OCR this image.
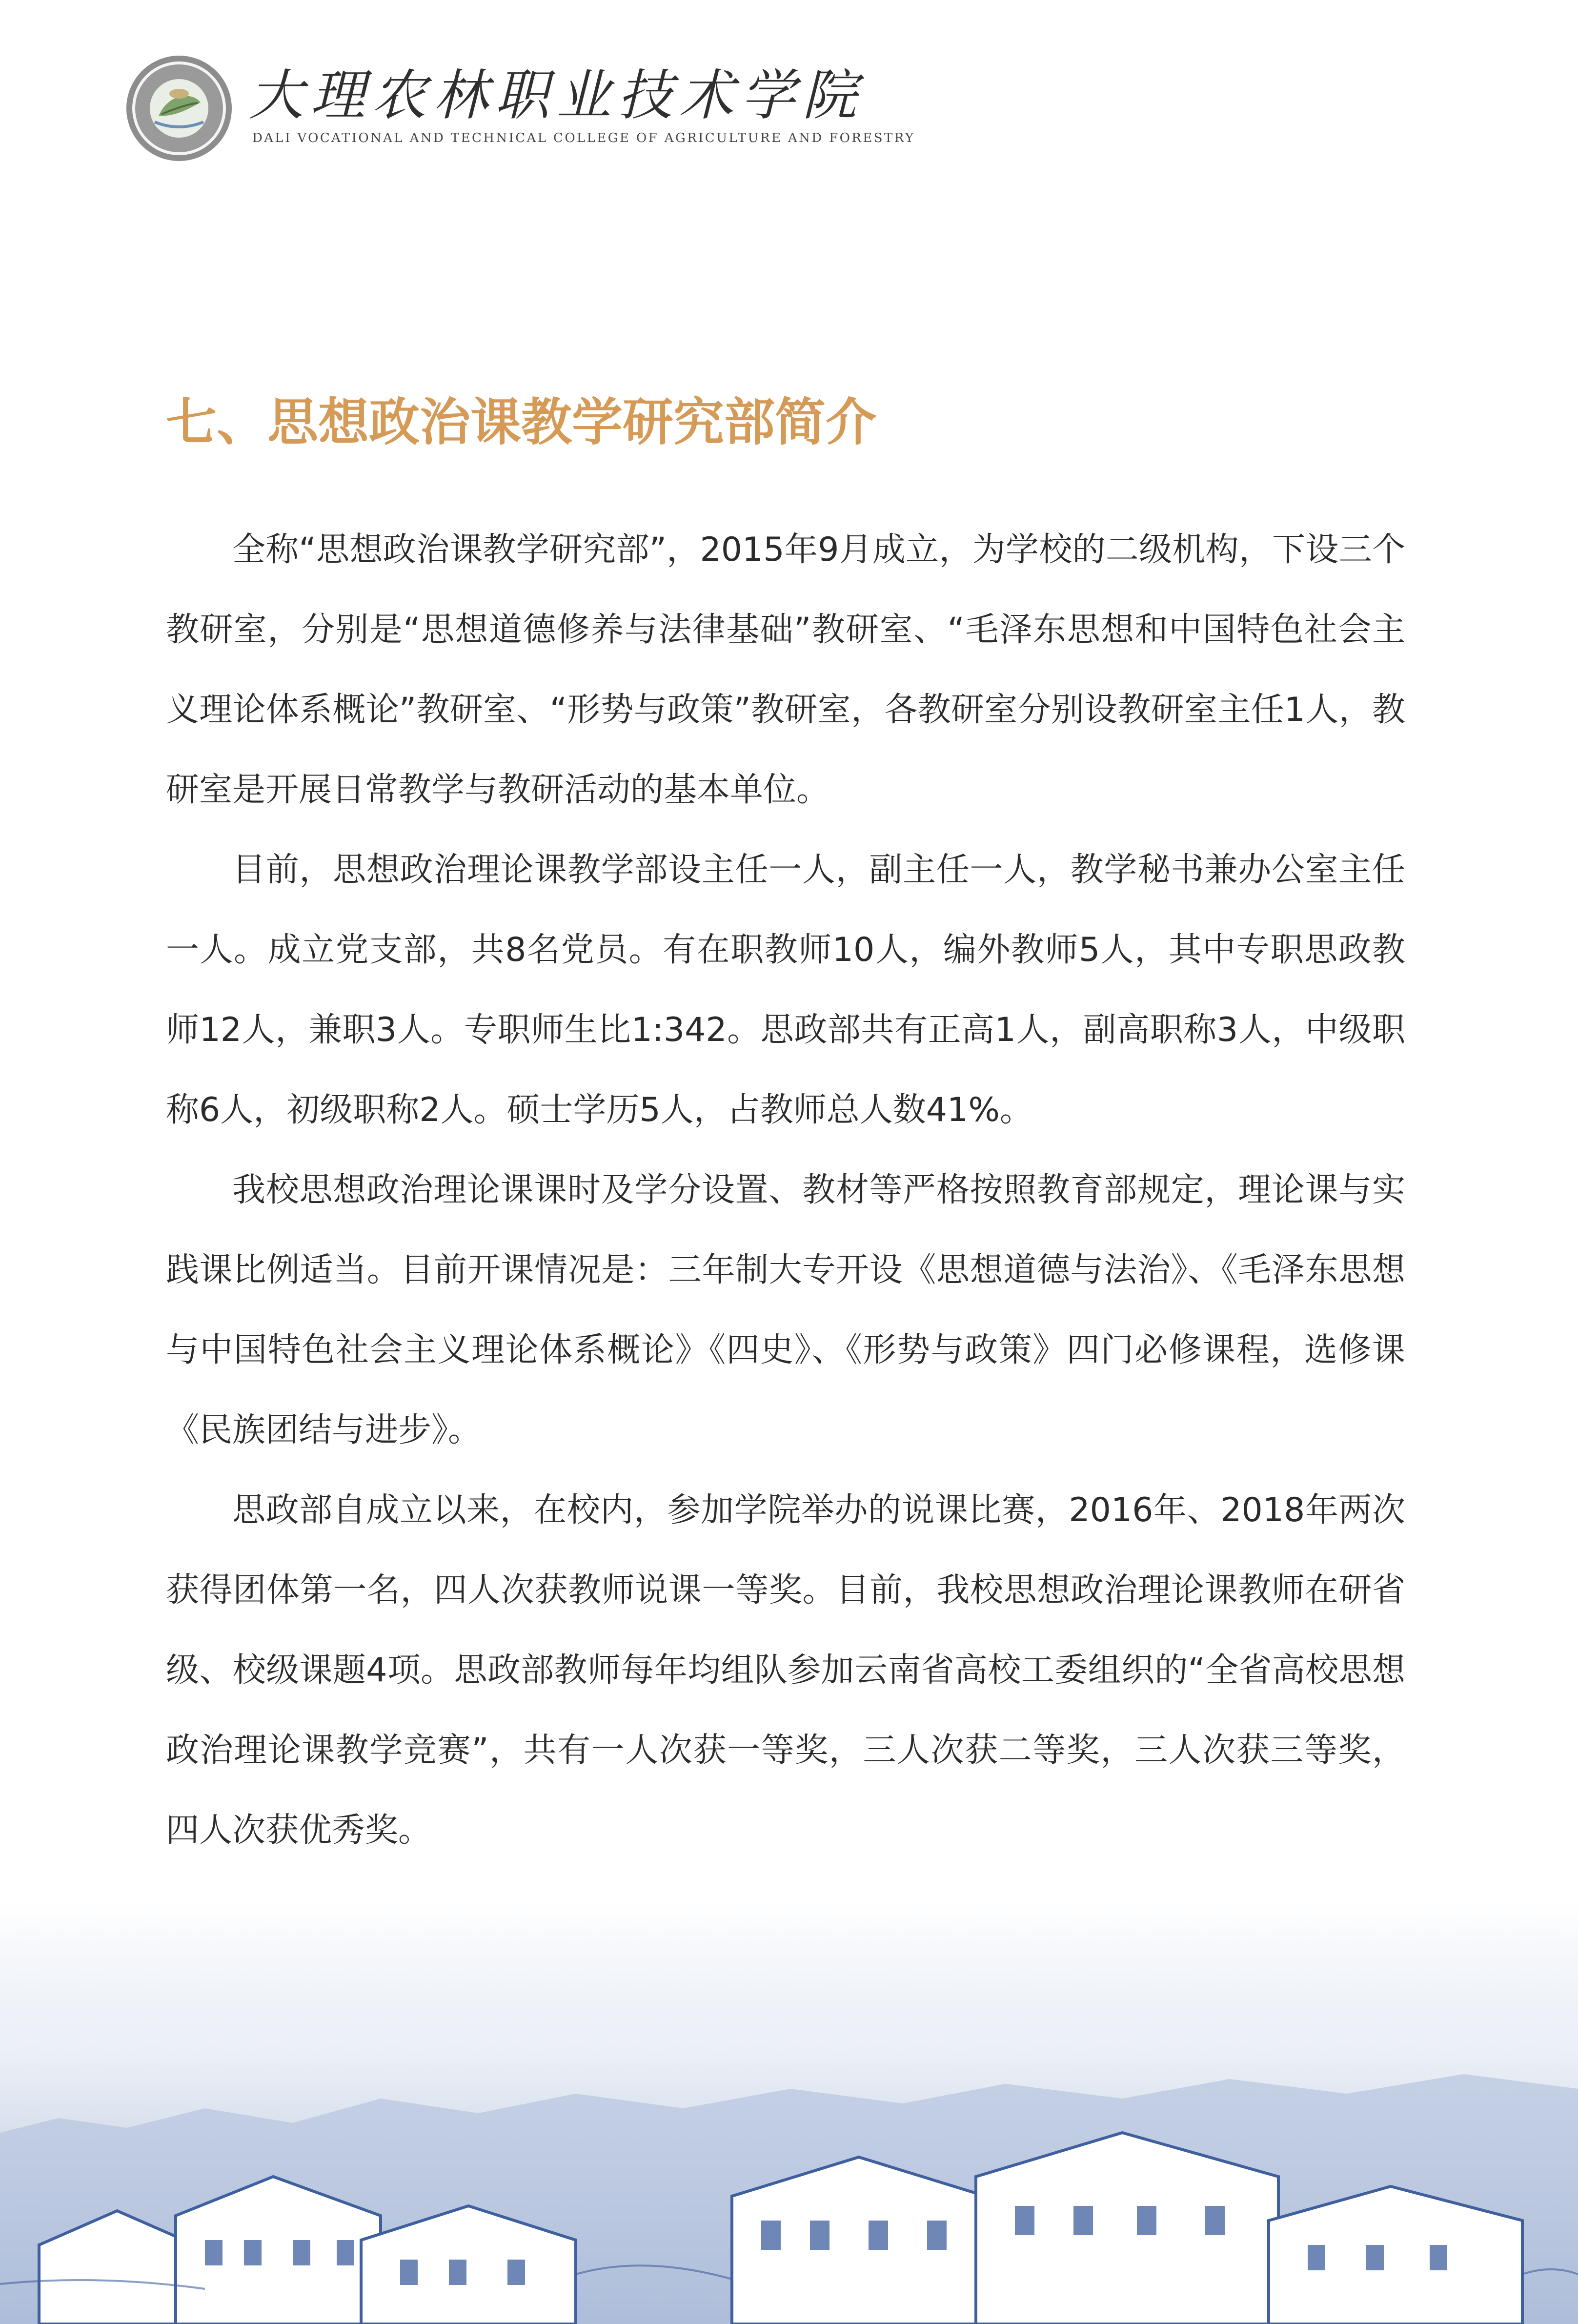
大理农林职业技术学院
DALI VOCATIONAL AND TECHNICAL COLLEGE OF AGRICULTURE AND FORESTRY
七、思想政治课教学研究部简介

全称“思想政治课教学研究部”，2015年9月成立，为学校的二级机构，下设三个教研室，分别是“思想道德修养与法律基础”教研室、“毛泽东思想和中国特色社会主义理论体系概论”教研室、“形势与政策”教研室，各教研室分别设教研室主任1人，教研室是开展日常教学与教研活动的基本单位。

目前，思想政治理论课教学部设主任一人，副主任一人，教学秘书兼办公室主任一人。成立党支部，共8名党员。有在职教师10人，编外教师5人，其中专职思政教师12人，兼职3人。专职师生比1:342。思政部共有正高1人，副高职称3人，中级职称6人，初级职称2人。硕士学历5人，占教师总人数41%。

我校思想政治理论课课时及学分设置、教材等严格按照教育部规定，理论课与实践课比例适当。目前开课情况是：三年制大专开设《思想道德与法治》、《毛泽东思想与中国特色社会主义理论体系概论》《四史》、《形势与政策》四门必修课程，选修课《民族团结与进步》。

思政部自成立以来，在校内，参加学院举办的说课比赛，2016年、2018年两次获得团体第一名，四人次获教师说课一等奖。目前，我校思想政治理论课教师在研省级、校级课题4项。思政部教师每年均组队参加云南省高校工委组织的“全省高校思想政治理论课教学竞赛”，共有一人次获一等奖，三人次获二等奖，三人次获三等奖，四人次获优秀奖。
